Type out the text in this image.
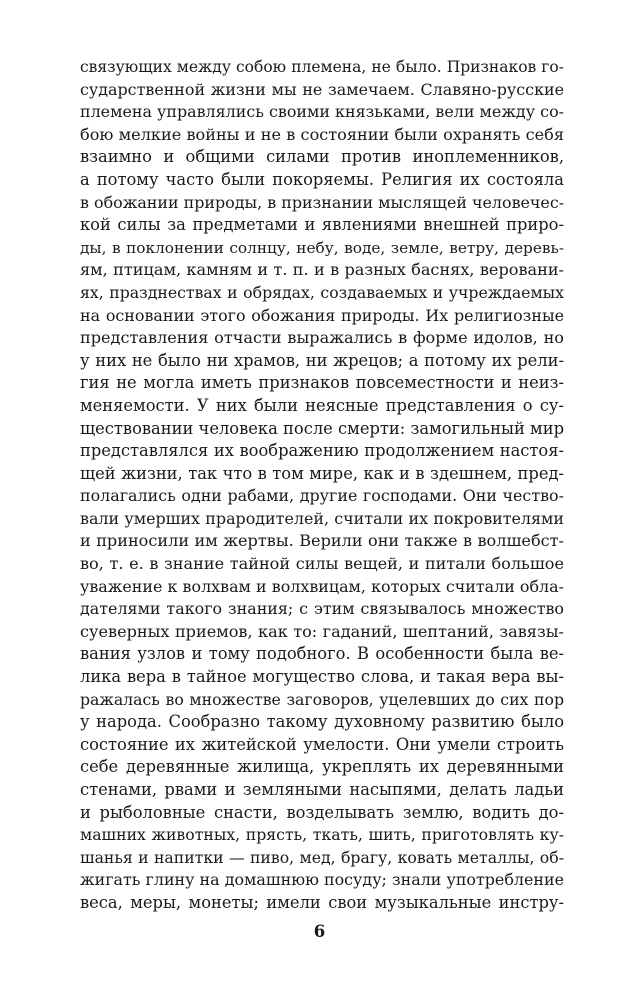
связующих между собою племена, не было. Признаков го-
сударственной жизни мы не замечаем. Славяно-русские
племена управлялись своими князьками, вели между со-
бою мелкие войны и не в состоянии были охранять себя
взаимно и общими силами против иноплеменников,
а потому часто были покоряемы. Религия их состояла
в обожании природы, в признании мыслящей человечес-
кой силы за предметами и явлениями внешней приро-
ды, в поклонении солнцу, небу, воде, земле, ветру, деревь-
ям, птицам, камням и т. п. и в разных баснях, веровани-
ях, празднествах и обрядах, создаваемых и учреждаемых
на основании этого обожания природы. Их религиозные
представления отчасти выражались в форме идолов, но
у них не было ни храмов, ни жрецов; а потому их рели-
гия не могла иметь признаков повсеместности и неиз-
меняемости. У них были неясные представления о су-
ществовании человека после смерти: замогильный мир
представлялся их воображению продолжением настоя-
щей жизни, так что в том мире, как и в здешнем, пред-
полагались одни рабами, другие господами. Они чество-
вали умерших прародителей, считали их покровителями
и приносили им жертвы. Верили они также в волшебст-
во, т. е. в знание тайной силы вещей, и питали большое
уважение к волхвам и волхвицам, которых считали обла-
дателями такого знания; с этим связывалось множество
суеверных приемов, как то: гаданий, шептаний, завязы-
вания узлов и тому подобного. В особенности была ве-
лика вера в тайное могущество слова, и такая вера вы-
ражалась во множестве заговоров, уцелевших до сих пор
у народа. Сообразно такому духовному развитию было
состояние их житейской умелости. Они умели строить
себе деревянные жилища, укреплять их деревянными
стенами, рвами и земляными насыпями, делать ладьи
и рыболовные снасти, возделывать землю, водить до-
машних животных, прясть, ткать, шить, приготовлять ку-
шанья и напитки — пиво, мед, брагу, ковать металлы, об-
жигать глину на домашнюю посуду; знали употребление
веса, меры, монеты; имели свои музыкальные инстру-
6
